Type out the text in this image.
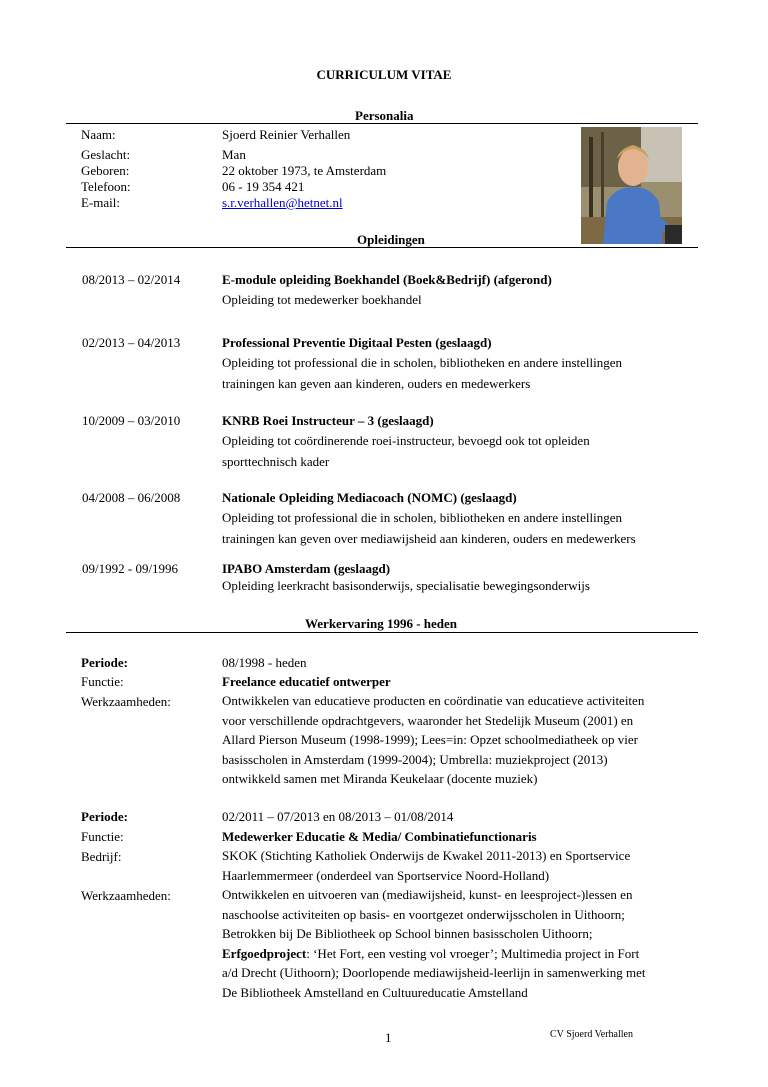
CURRICULUM VITAE
Personalia
Naam:	Sjoerd Reinier Verhallen
Geslacht:	Man
Geboren:	22 oktober 1973, te Amsterdam
Telefoon:	06 - 19 354 421
E-mail:	s.r.verhallen@hetnet.nl
Opleidingen
08/2013 – 02/2014	E-module opleiding Boekhandel (Boek&Bedrijf) (afgerond)
Opleiding tot medewerker boekhandel
02/2013 – 04/2013	Professional Preventie Digitaal Pesten (geslaagd)
Opleiding tot professional die in scholen, bibliotheken en andere instellingen
trainingen kan geven aan kinderen, ouders en medewerkers
10/2009 – 03/2010	KNRB Roei Instructeur – 3 (geslaagd)
Opleiding tot coördinerende roei-instructeur, bevoegd ook tot opleiden
sporttechnisch kader
04/2008 – 06/2008	Nationale Opleiding Mediacoach (NOMC) (geslaagd)
Opleiding tot professional die in scholen, bibliotheken en andere instellingen
trainingen kan geven over mediawijsheid aan kinderen, ouders en medewerkers
09/1992 - 09/1996	IPABO Amsterdam (geslaagd)
Opleiding leerkracht basisonderwijs, specialisatie bewegingsonderwijs
Werkervaring 1996 - heden
Periode:	08/1998 - heden
Functie:	Freelance educatief ontwerper
Werkzaamheden:	Ontwikkelen van educatieve producten en coördinatie van educatieve activiteiten
voor verschillende opdrachtgevers, waaronder het Stedelijk Museum (2001) en
Allard Pierson Museum (1998-1999); Lees=in: Opzet schoolmediatheek op vier
basisscholen in Amsterdam (1999-2004); Umbrella: muziekproject (2013)
ontwikkeld samen met Miranda Keukelaar (docente muziek)
Periode:	02/2011 – 07/2013 en 08/2013 – 01/08/2014
Functie:	Medewerker Educatie & Media/ Combinatiefunctionaris
Bedrijf:	SKOK (Stichting Katholiek Onderwijs de Kwakel 2011-2013) en Sportservice
Haarlemmermeer (onderdeel van Sportservice Noord-Holland)
Werkzaamheden:	Ontwikkelen en uitvoeren van (mediawijsheid, kunst- en leesproject-)lessen en
naschoolse activiteiten op basis- en voortgezet onderwijsscholen in Uithoorn;
Betrokken bij De Bibliotheek op School binnen basisscholen Uithoorn;
Erfgoedproject: ‘Het Fort, een vesting vol vroeger’; Multimedia project in Fort
a/d Drecht (Uithoorn); Doorlopende mediawijsheid-leerlijn in samenwerking met
De Bibliotheek Amstelland en Cultuureducatie Amstelland
1	CV Sjoerd Verhallen
